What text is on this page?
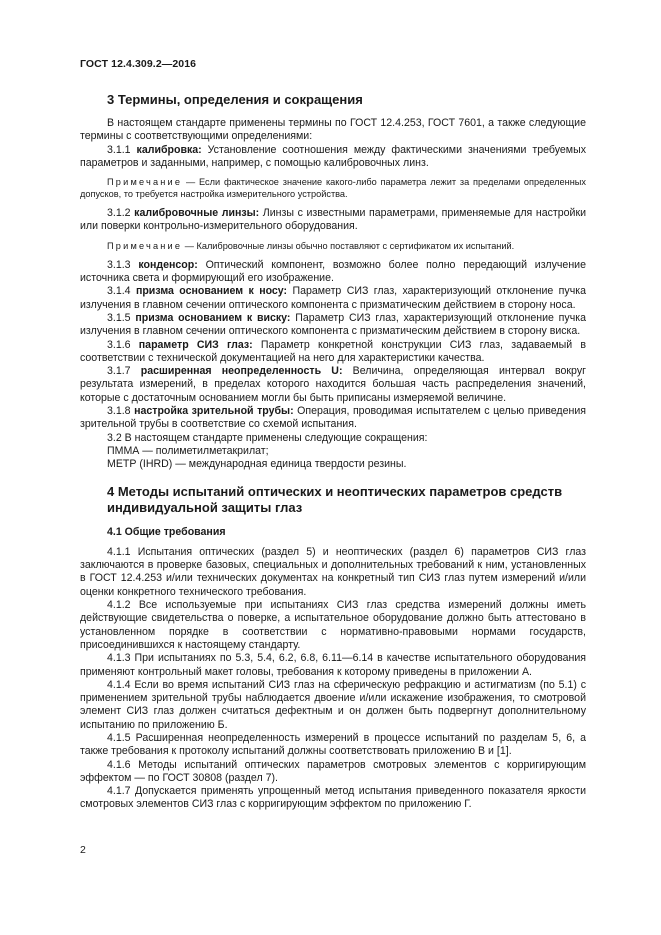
ГОСТ 12.4.309.2—2016
3 Термины, определения и сокращения

В настоящем стандарте применены термины по ГОСТ 12.4.253, ГОСТ 7601, а также следующие термины с соответствующими определениями:

3.1.1 калибровка: Установление соотношения между фактическими значениями требуемых параметров и заданными, например, с помощью калибровочных линз.

Примечание — Если фактическое значение какого-либо параметра лежит за пределами определенных допусков, то требуется настройка измерительного устройства.

3.1.2 калибровочные линзы: Линзы с известными параметрами, применяемые для настройки или поверки контрольно-измерительного оборудования.

Примечание — Калибровочные линзы обычно поставляют с сертификатом их испытаний.

3.1.3 конденсор: Оптический компонент, возможно более полно передающий излучение источника света и формирующий его изображение.

3.1.4 призма основанием к носу: Параметр СИЗ глаз, характеризующий отклонение пучка излучения в главном сечении оптического компонента с призматическим действием в сторону носа.

3.1.5 призма основанием к виску: Параметр СИЗ глаз, характеризующий отклонение пучка излучения в главном сечении оптического компонента с призматическим действием в сторону виска.

3.1.6 параметр СИЗ глаз: Параметр конкретной конструкции СИЗ глаз, задаваемый в соответствии с технической документацией на него для характеристики качества.

3.1.7 расширенная неопределенность U: Величина, определяющая интервал вокруг результата измерений, в пределах которого находится большая часть распределения значений, которые с достаточным основанием могли бы быть приписаны измеряемой величине.

3.1.8 настройка зрительной трубы: Операция, проводимая испытателем с целью приведения зрительной трубы в соответствие со схемой испытания.

3.2 В настоящем стандарте применены следующие сокращения:

ПММА — полиметилметакрилат;

МЕТР (IHRD) — международная единица твердости резины.

4 Методы испытаний оптических и неоптических параметров средств индивидуальной защиты глаз
4.1 Общие требования

4.1.1 Испытания оптических (раздел 5) и неоптических (раздел 6) параметров СИЗ глаз заключаются в проверке базовых, специальных и дополнительных требований к ним, установленных в ГОСТ 12.4.253 и/или технических документах на конкретный тип СИЗ глаз путем измерений и/или оценки конкретного технического требования.

4.1.2 Все используемые при испытаниях СИЗ глаз средства измерений должны иметь действующие свидетельства о поверке, а испытательное оборудование должно быть аттестовано в установленном порядке в соответствии с нормативно-правовыми нормами государств, присоединившихся к настоящему стандарту.

4.1.3 При испытаниях по 5.3, 5.4, 6.2, 6.8, 6.11—6.14 в качестве испытательного оборудования применяют контрольный макет головы, требования к которому приведены в приложении А.

4.1.4 Если во время испытаний СИЗ глаз на сферическую рефракцию и астигматизм (по 5.1) с применением зрительной трубы наблюдается двоение и/или искажение изображения, то смотровой элемент СИЗ глаз должен считаться дефектным и он должен быть подвергнут дополнительному испытанию по приложению Б.

4.1.5 Расширенная неопределенность измерений в процессе испытаний по разделам 5, 6, а также требования к протоколу испытаний должны соответствовать приложению В и [1].

4.1.6 Методы испытаний оптических параметров смотровых элементов с корригирующим эффектом — по ГОСТ 30808 (раздел 7).

4.1.7 Допускается применять упрощенный метод испытания приведенного показателя яркости смотровых элементов СИЗ глаз с корригирующим эффектом по приложению Г.

2
